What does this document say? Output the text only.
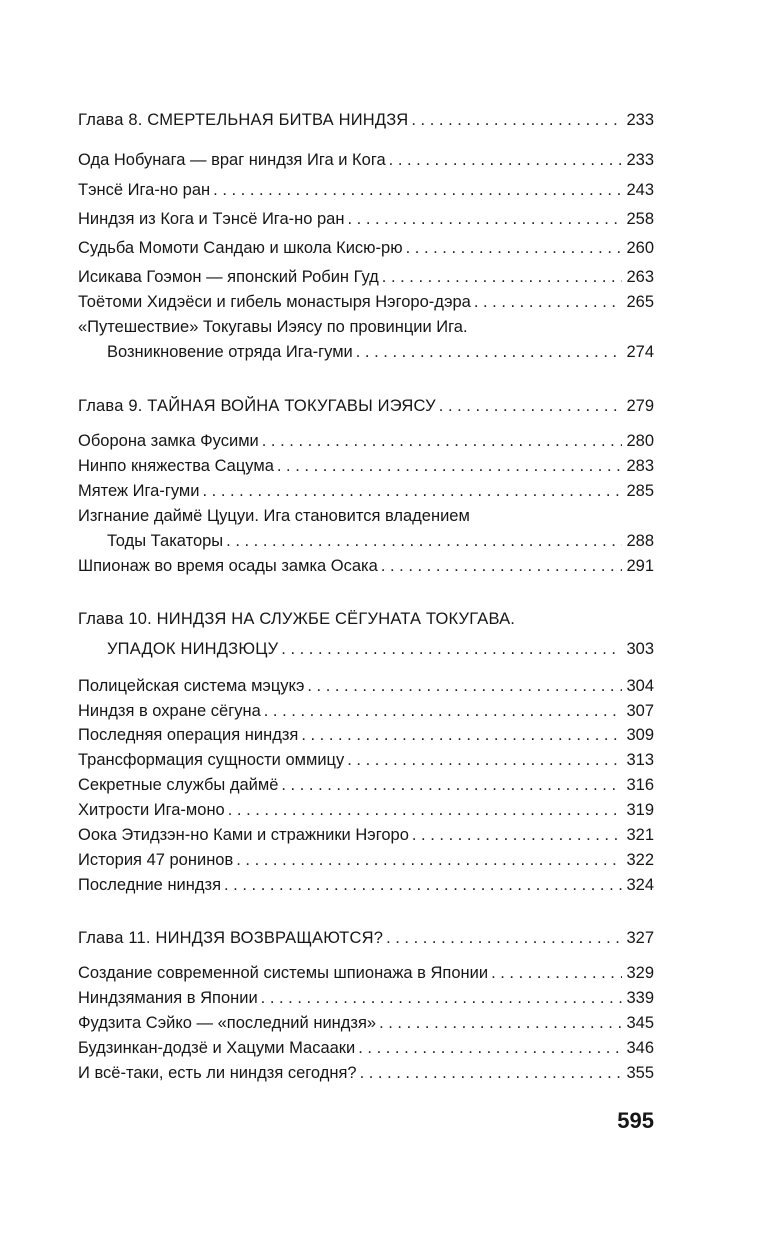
Глава 8. СМЕРТЕЛЬНАЯ БИТВА НИНДЗЯ . . .	233
Ода Нобунага — враг ниндзя Ига и Кога . . .	233
Тэнсё Ига-но ран . . .	243
Ниндзя из Кога и Тэнсё Ига-но ран . . .	258
Судьба Момоти Сандаю и школа Кисю-рю . . .	260
Исикава Гоэмон — японский Робин Гуд . . .	263
Тоётоми Хидэёси и гибель монастыря Нэгоро-дэра . . .	265
«Путешествие» Токугавы Иэясу по провинции Ига.
Возникновение отряда Ига-гуми . . .	274
Глава 9. ТАЙНАЯ ВОЙНА ТОКУГАВЫ ИЭЯСУ . . .	279
Оборона замка Фусими . . .	280
Нинпо княжества Сацума . . .	283
Мятеж Ига-гуми . . .	285
Изгнание даймё Цуцуи. Ига становится владением
Тоды Такаторы . . .	288
Шпионаж во время осады замка Осака . . .	291
Глава 10. НИНДЗЯ НА СЛУЖБЕ СЁГУНАТА ТОКУГАВА.
УПАДОК НИНДЗЮЦУ . . .	303
Полицейская система мэцукэ . . .	304
Ниндзя в охране сёгуна . . .	307
Последняя операция ниндзя . . .	309
Трансформация сущности оммицу . . .	313
Секретные службы даймё . . .	316
Хитрости Ига-моно . . .	319
Оока Этидзэн-но Ками и стражники Нэгоро . . .	321
История 47 ронинов . . .	322
Последние ниндзя . . .	324
Глава 11. НИНДЗЯ ВОЗВРАЩАЮТСЯ? . . .	327
Создание современной системы шпионажа в Японии . . .	329
Ниндзямания в Японии . . .	339
Фудзита Сэйко — «последний ниндзя» . . .	345
Будзинкан-додзё и Хацуми Масааки . . .	346
И всё-таки, есть ли ниндзя сегодня? . . .	355
595
